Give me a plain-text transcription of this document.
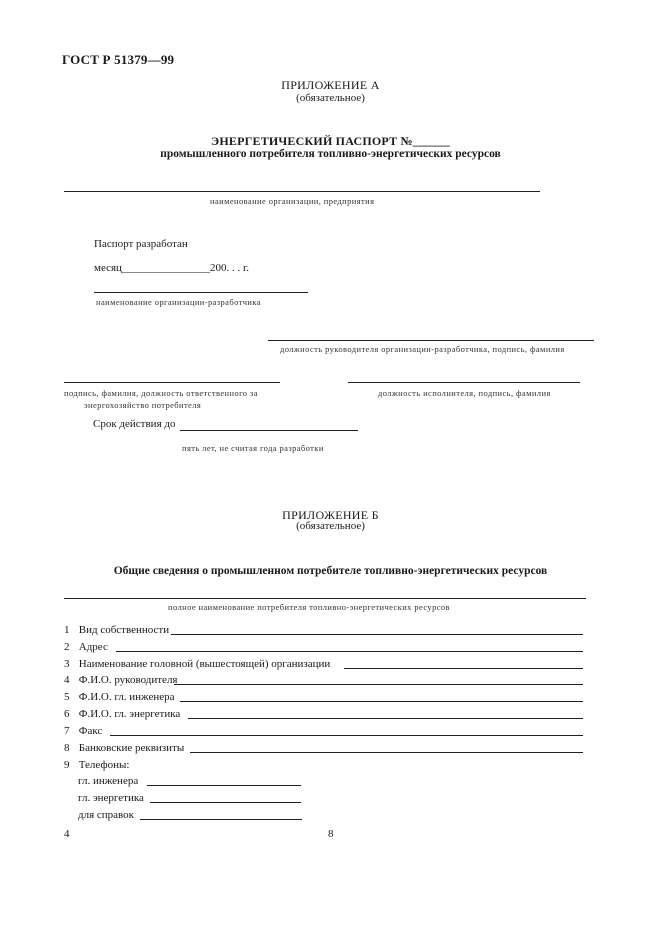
ГОСТ Р 51379—99
ПРИЛОЖЕНИЕ А
(обязательное)
ЭНЕРГЕТИЧЕСКИЙ ПАСПОРТ №______
промышленного потребителя топливно-энергетических ресурсов
наименование организации, предприятия
Паспорт разработан
месяц________________200. . . г.
наименование организации-разработчика
должность руководителя организации-разработчика, подпись, фамилия
подпись, фамилия, должность ответственного за
энергохозяйство потребителя
должность исполнителя, подпись, фамилия
Срок действия до
пять лет, не считая года разработки
ПРИЛОЖЕНИЕ Б
(обязательное)
Общие сведения о промышленном потребителе топливно-энергетических ресурсов
полное наименование потребителя топливно-энергетических ресурсов
1 Вид собственности
2 Адрес
3 Наименование головной (вышестоящей) организации
4 Ф.И.О. руководителя
5 Ф.И.О. гл. инженера
6 Ф.И.О. гл. энергетика
7 Факс
8 Банковские реквизиты
9 Телефоны:
гл. инженера
гл. энергетика
для справок
4	8
